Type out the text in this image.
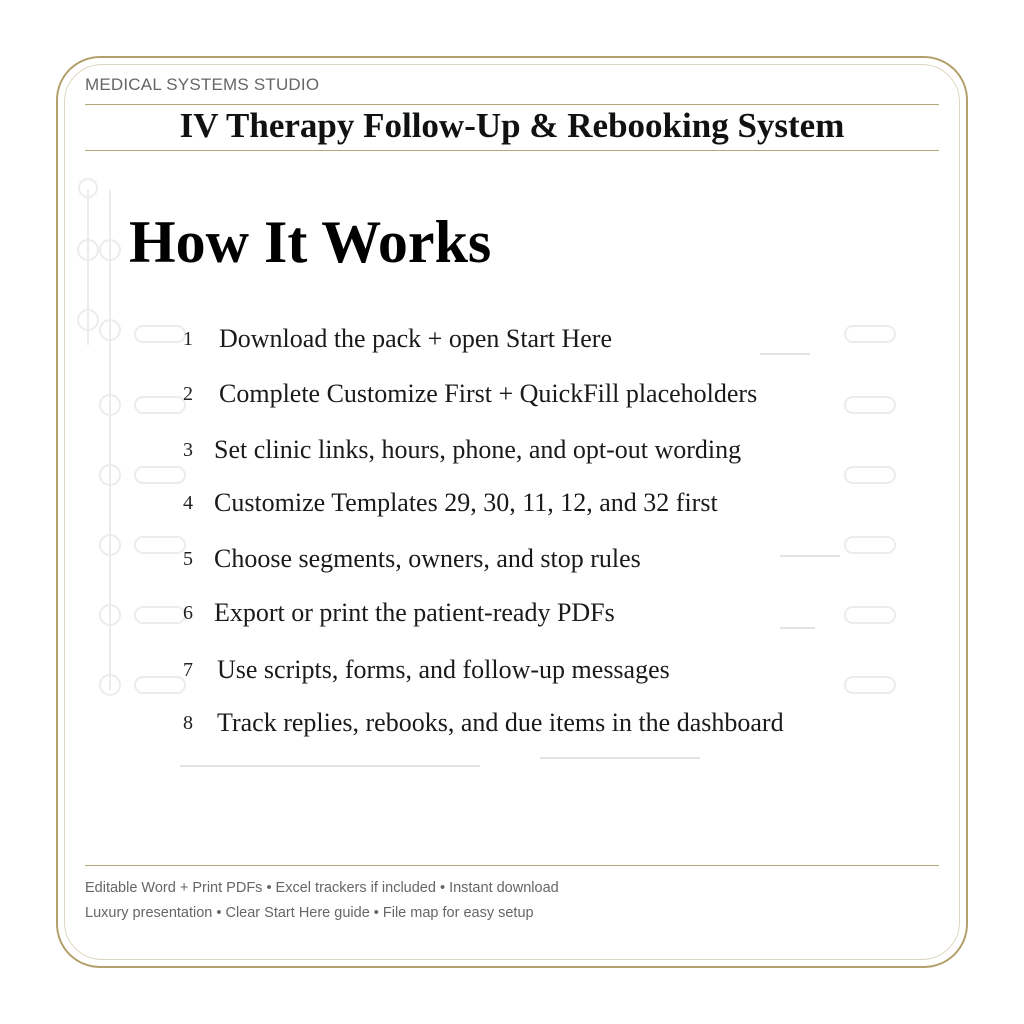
MEDICAL SYSTEMS STUDIO
IV Therapy Follow-Up & Rebooking System
How It Works
1 Download the pack + open Start Here
2 Complete Customize First + QuickFill placeholders
3 Set clinic links, hours, phone, and opt-out wording
4 Customize Templates 29, 30, 11, 12, and 32 first
5 Choose segments, owners, and stop rules
6 Export or print the patient-ready PDFs
7 Use scripts, forms, and follow-up messages
8 Track replies, rebooks, and due items in the dashboard
Editable Word + Print PDFs • Excel trackers if included • Instant download
Luxury presentation • Clear Start Here guide • File map for easy setup
